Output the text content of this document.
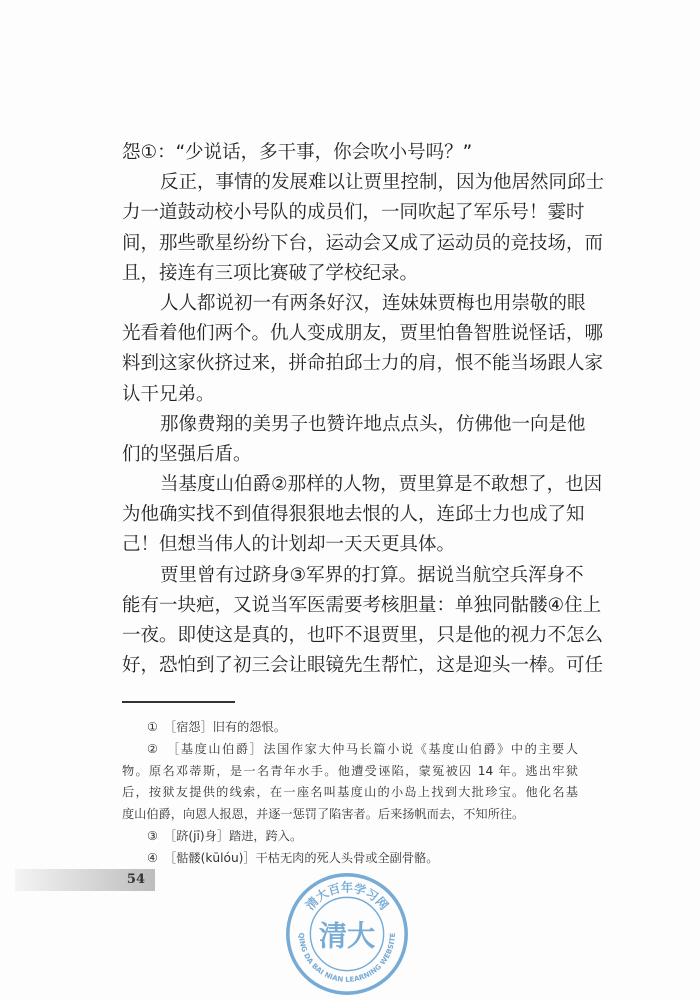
怨①：“少说话，多干事，你会吹小号吗？”
反正，事情的发展难以让贾里控制，因为他居然同邱士
力一道鼓动校小号队的成员们，一同吹起了军乐号！霎时
间，那些歌星纷纷下台，运动会又成了运动员的竞技场，而
且，接连有三项比赛破了学校纪录。
人人都说初一有两条好汉，连妹妹贾梅也用崇敬的眼
光看着他们两个。仇人变成朋友，贾里怕鲁智胜说怪话，哪
料到这家伙挤过来，拼命拍邱士力的肩，恨不能当场跟人家
认干兄弟。
那像费翔的美男子也赞许地点点头，仿佛他一向是他
们的坚强后盾。
当基度山伯爵②那样的人物，贾里算是不敢想了，也因
为他确实找不到值得狠狠地去恨的人，连邱士力也成了知
己！但想当伟人的计划却一天天更具体。
贾里曾有过跻身③军界的打算。据说当航空兵浑身不
能有一块疤，又说当军医需要考核胆量：单独同骷髅④住上
一夜。即使这是真的，也吓不退贾里，只是他的视力不怎么
好，恐怕到了初三会让眼镜先生帮忙，这是迎头一棒。可任
①　［宿怨］旧有的怨恨。
②　［基度山伯爵］法国作家大仲马长篇小说《基度山伯爵》中的主要人
物。原名邓蒂斯，是一名青年水手。他遭受诬陷，蒙冤被囚 14 年。逃出牢狱
后，按狱友提供的线索，在一座名叫基度山的小岛上找到大批珍宝。他化名基
度山伯爵，向恩人报恩，并逐一惩罚了陷害者。后来扬帆而去，不知所往。
③　［跻(jī)身］踏进，跨入。
④　［骷髅(kūlóu)］干枯无肉的死人头骨或全副骨骼。
54
清大百年学习网
QING DA BAI NIAN LEARNING WEBSITE
清大
